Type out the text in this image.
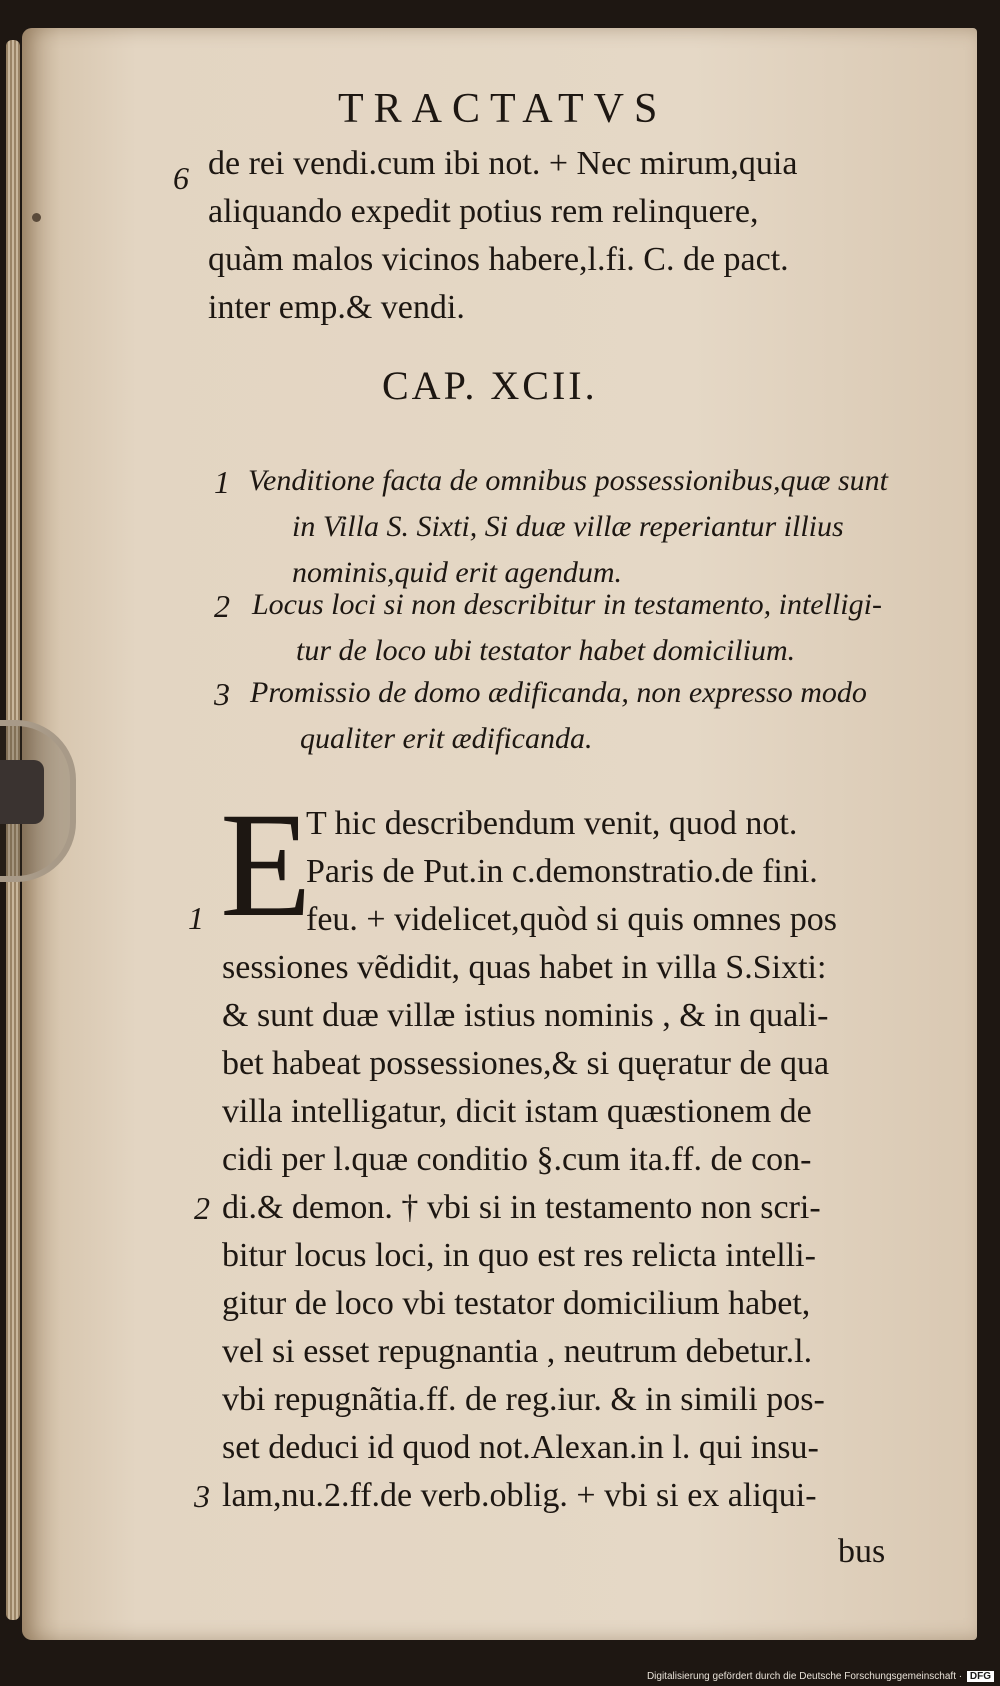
TRACTATVS
6 de rei vendi.cum ibi not. + Nec mirum,quia
aliquando expedit potius rem relinquere,
quàm malos vicinos habere,l.fi. C. de pact.
inter emp.& vendi.
CAP. XCII.
1 Venditione facta de omnibus possessionibus,quæ sunt
in Villa S. Sixti, Si duæ villæ reperiantur illius
nominis,quid erit agendum.
2 Locus loci si non describitur in testamento, intelligi-
tur de loco ubi testator habet domicilium.
3 Promissio de domo ædificanda, non expresso modo
qualiter erit ædificanda.
E
T hic describendum venit, quod not.
Paris de Put.in c.demonstratio.de fini.
feu. + videlicet,quòd si quis omnes pos
sessiones vẽdidit, quas habet in villa S.Sixti:
& sunt duæ villæ istius nominis , & in quali-
bet habeat possessiones,& si quęratur de qua
villa intelligatur, dicit istam quæstionem de
cidi per l.quæ conditio §.cum ita.ff. de con-
di.& demon. † vbi si in testamento non scri-
bitur locus loci, in quo est res relicta intelli-
gitur de loco vbi testator domicilium habet,
vel si esset repugnantia , neutrum debetur.l.
vbi repugnãtia.ff. de reg.iur. & in simili pos-
set deduci id quod not.Alexan.in l. qui insu-
lam,nu.2.ff.de verb.oblig. + vbi si ex aliqui-
bus
1
2
3
Digitalisierung gefördert durch die Deutsche Forschungsgemeinschaft · DFG
